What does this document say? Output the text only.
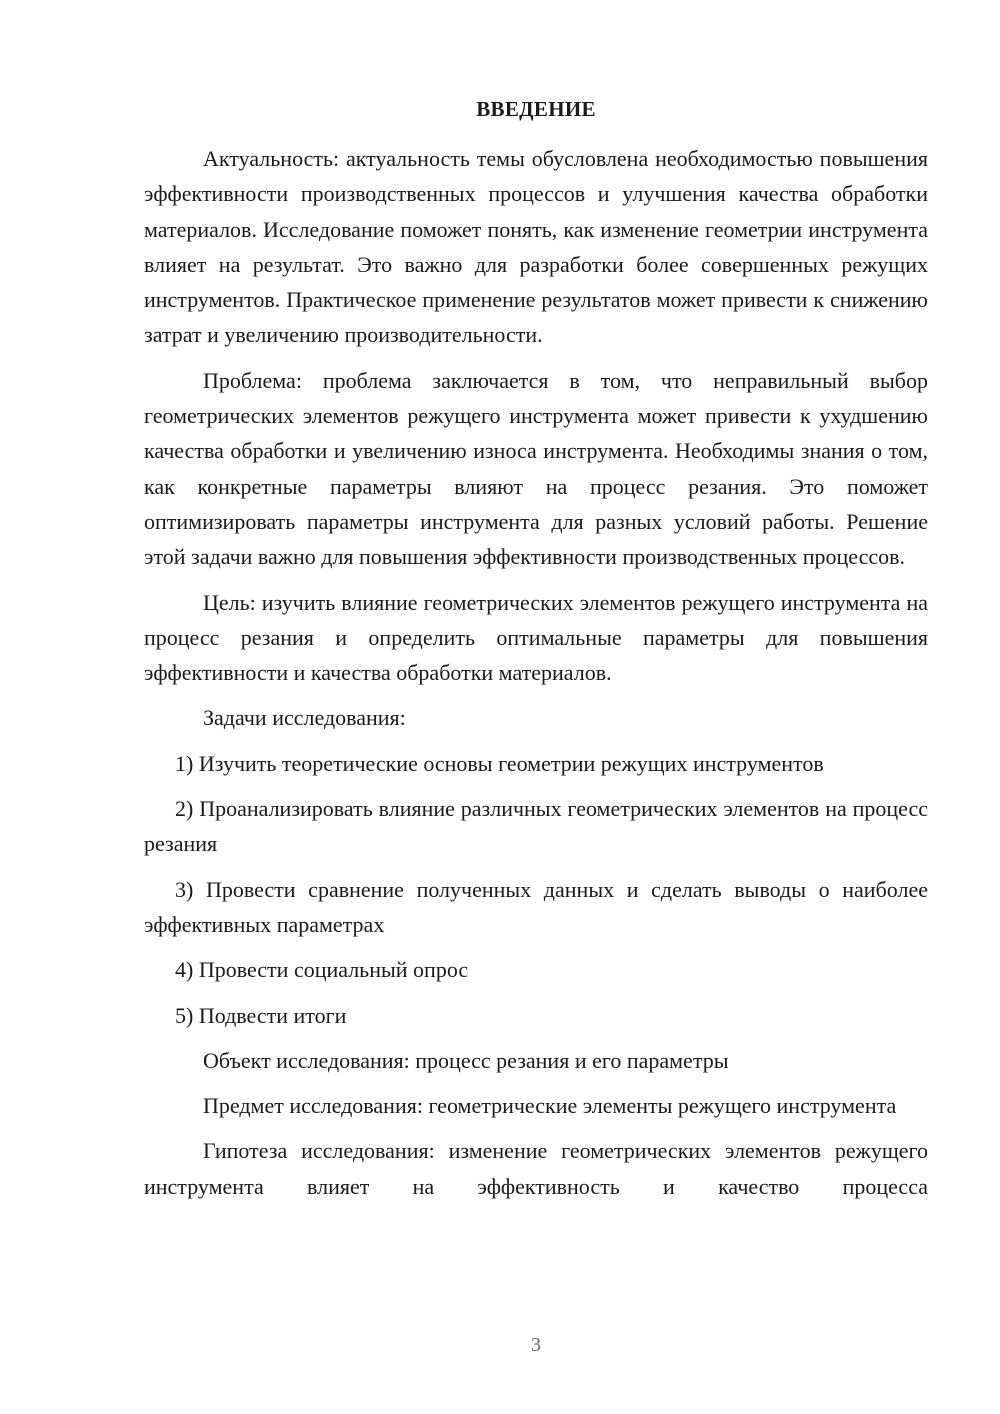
ВВЕДЕНИЕ

Актуальность: актуальность темы обусловлена необходимостью повышения эффективности производственных процессов и улучшения качества обработки материалов. Исследование поможет понять, как изменение геометрии инструмента влияет на результат. Это важно для разработки более совершенных режущих инструментов. Практическое применение результатов может привести к снижению затрат и увеличению производительности.

Проблема: проблема заключается в том, что неправильный выбор геометрических элементов режущего инструмента может привести к ухудшению качества обработки и увеличению износа инструмента. Необходимы знания о том, как конкретные параметры влияют на процесс резания. Это поможет оптимизировать параметры инструмента для разных условий работы. Решение этой задачи важно для повышения эффективности производственных процессов.

Цель: изучить влияние геометрических элементов режущего инструмента на процесс резания и определить оптимальные параметры для повышения эффективности и качества обработки материалов.

Задачи исследования:

1) Изучить теоретические основы геометрии режущих инструментов

2) Проанализировать влияние различных геометрических элементов на процесс резания

3) Провести сравнение полученных данных и сделать выводы о наиболее эффективных параметрах

4) Провести социальный опрос

5) Подвести итоги

Объект исследования: процесс резания и его параметры

Предмет исследования: геометрические элементы режущего инструмента

Гипотеза исследования: изменение геометрических элементов режущего инструмента влияет на эффективность и качество процесса

3
